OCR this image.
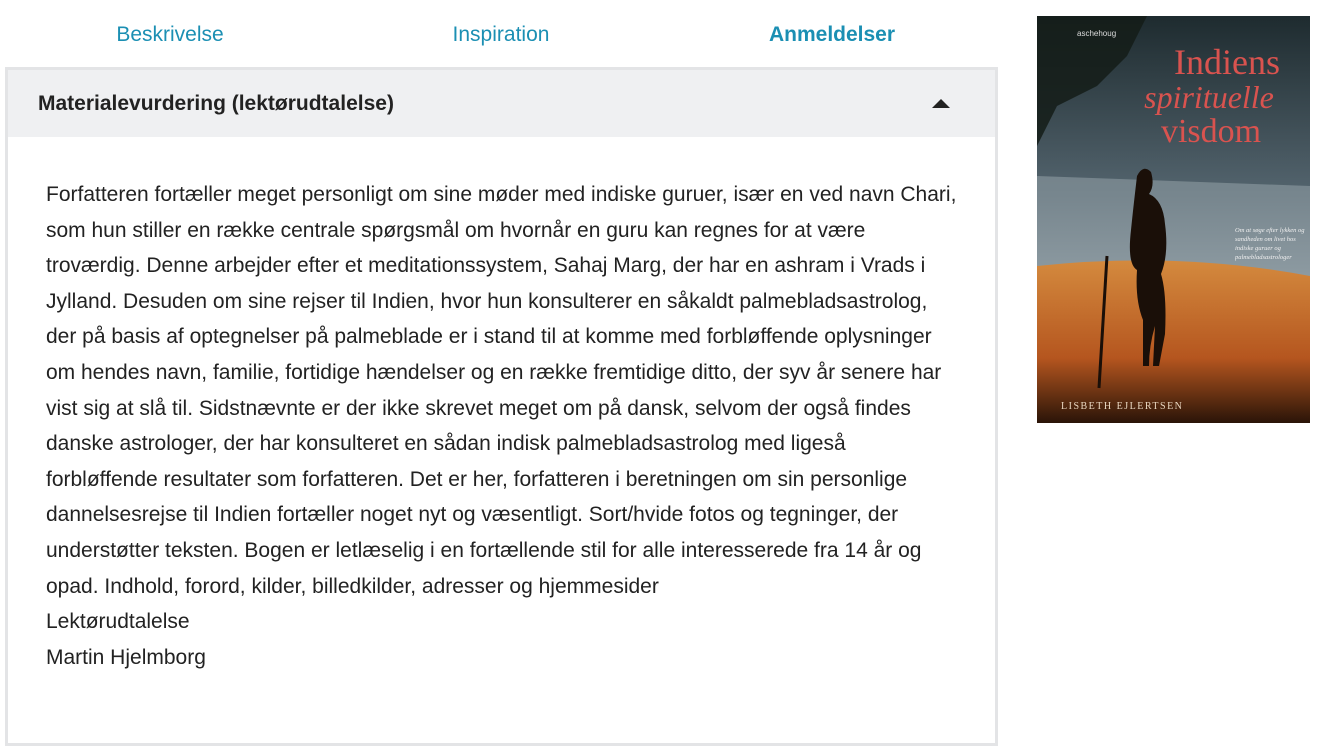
Beskrivelse	Inspiration	Anmeldelser
Materialevurdering (lektørudtalelse)

Forfatteren fortæller meget personligt om sine møder med indiske guruer, især en ved navn Chari, som hun stiller en række centrale spørgsmål om hvornår en guru kan regnes for at være troværdig. Denne arbejder efter et meditationssystem, Sahaj Marg, der har en ashram i Vrads i Jylland. Desuden om sine rejser til Indien, hvor hun konsulterer en såkaldt palmebladsastrolog, der på basis af optegnelser på palmeblade er i stand til at komme med forbløffende oplysninger om hendes navn, familie, fortidige hændelser og en række fremtidige ditto, der syv år senere har vist sig at slå til. Sidstnævnte er der ikke skrevet meget om på dansk, selvom der også findes danske astrologer, der har konsulteret en sådan indisk palmebladsastrolog med ligeså forbløffende resultater som forfatteren. Det er her, forfatteren i beretningen om sin personlige dannelsesrejse til Indien fortæller noget nyt og væsentligt. Sort/hvide fotos og tegninger, der understøtter teksten. Bogen er letlæselig i en fortællende stil for alle interesserede fra 14 år og opad. Indhold, forord, kilder, billedkilder, adresser og hjemmesider

Lektørudtalelse

Martin Hjelmborg

Indiens
spirituelle
visdom
aschehoug
Om at søge efter lykken og sandheden om livet hos indiske guruer og palmebladsastrologer
LISBETH EJLERTSEN
